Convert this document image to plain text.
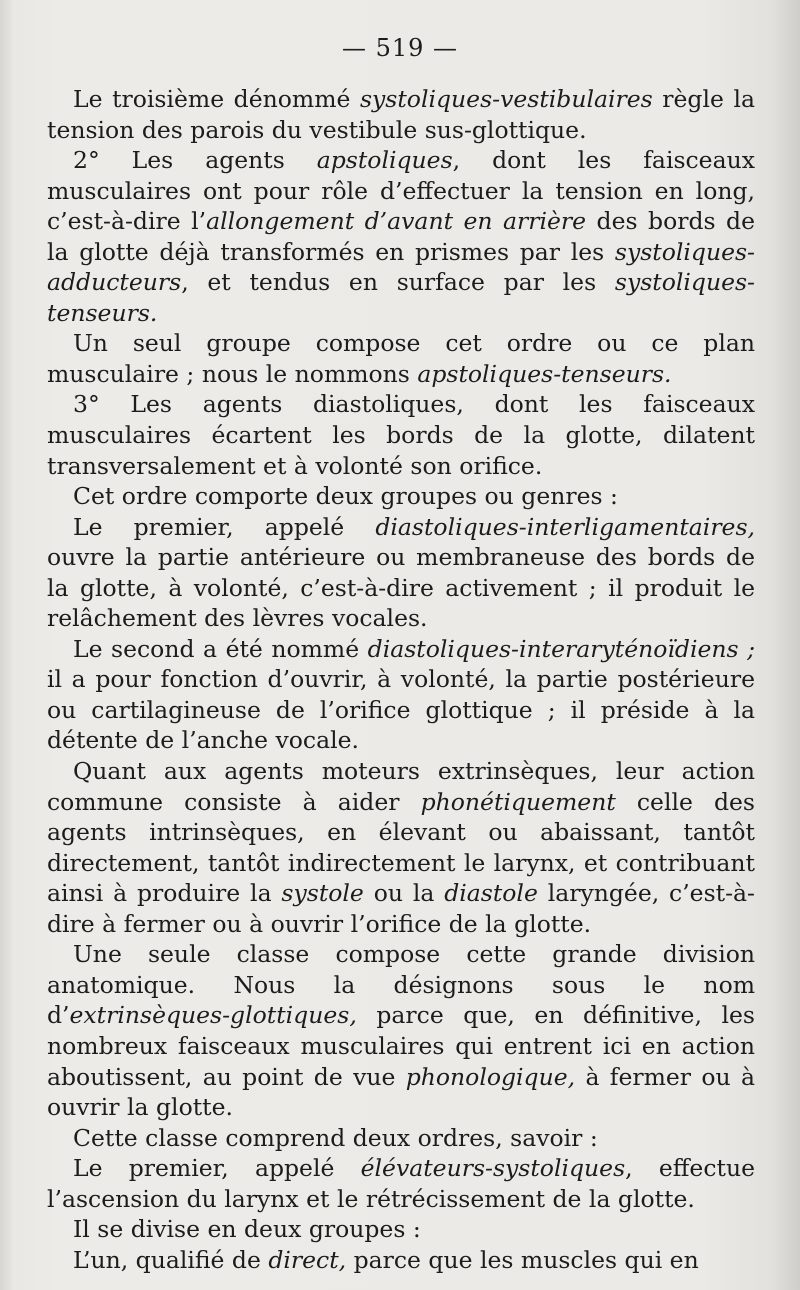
— 519 —

Le troisième dénommé systoliques-vestibulaires règle la tension des parois du vestibule sus-glottique.

2° Les agents apstoliques, dont les faisceaux musculaires ont pour rôle d’effectuer la tension en long, c’est-à-dire l’allongement d’avant en arrière des bords de la glotte déjà transformés en prismes par les systoliques-adducteurs, et tendus en surface par les systoliques-tenseurs.

Un seul groupe compose cet ordre ou ce plan musculaire ; nous le nommons apstoliques-tenseurs.

3° Les agents diastoliques, dont les faisceaux musculaires écartent les bords de la glotte, dilatent transversalement et à volonté son orifice.

Cet ordre comporte deux groupes ou genres :

Le premier, appelé diastoliques-interligamentaires, ouvre la partie antérieure ou membraneuse des bords de la glotte, à volonté, c’est-à-dire activement ; il produit le relâchement des lèvres vocales.

Le second a été nommé diastoliques-interaryténoïdiens ; il a pour fonction d’ouvrir, à volonté, la partie postérieure ou cartilagineuse de l’orifice glottique ; il préside à la détente de l’anche vocale.

Quant aux agents moteurs extrinsèques, leur action commune consiste à aider phonétiquement celle des agents intrinsèques, en élevant ou abaissant, tantôt directement, tantôt indirectement le larynx, et contribuant ainsi à produire la systole ou la diastole laryngée, c’est-à-dire à fermer ou à ouvrir l’orifice de la glotte.

Une seule classe compose cette grande division anatomique. Nous la désignons sous le nom d’extrinsèques-glottiques, parce que, en définitive, les nombreux faisceaux musculaires qui entrent ici en action aboutissent, au point de vue phonologique, à fermer ou à ouvrir la glotte.

Cette classe comprend deux ordres, savoir :

Le premier, appelé élévateurs-systoliques, effectue l’ascension du larynx et le rétrécissement de la glotte.

Il se divise en deux groupes :

L’un, qualifié de direct, parce que les muscles qui en
